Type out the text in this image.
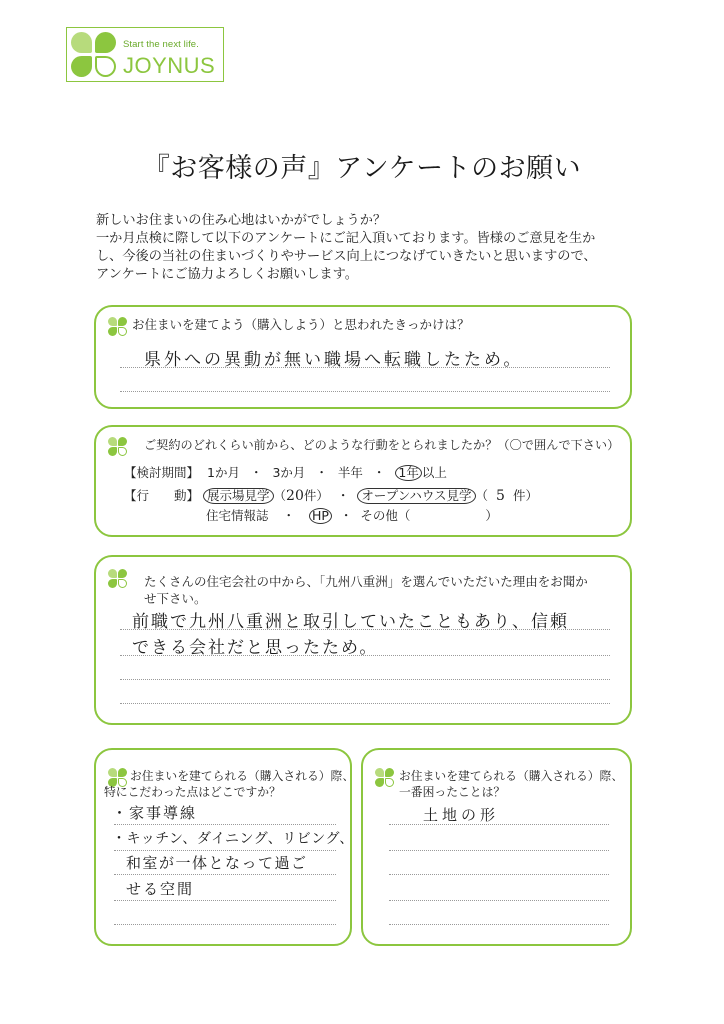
Start the next life.
JOYNUS
『お客様の声』アンケートのお願い
新しいお住まいの住み心地はいかがでしょうか？
一か月点検に際して以下のアンケートにご記入頂いております。皆様のご意見を生か
し、今後の当社の住まいづくりやサービス向上につなげていきたいと思いますので、
アンケートにご協力よろしくお願いします。
お住まいを建てよう（購入しよう）と思われたきっかけは？
県外への異動が無い職場へ転職したため。
ご契約のどれくらい前から、どのような行動をとられましたか？（〇で囲んで下さい）
【検討期間】 1か月 ・ 3か月 ・ 半年 ・ 1年 以上
【行　　動】 展示場見学 （20件） ・ オープンハウス見学 （ 5 件）
住宅情報誌 ・ HP ・ その他（　　　　　　）
たくさんの住宅会社の中から、「九州八重洲」を選んでいただいた理由をお聞か
せ下さい。
前職で九州八重洲と取引していたこともあり、信頼
できる会社だと思ったため。
お住まいを建てられる（購入される）際、
特にこだわった点はどこですか？
・家事導線
・キッチン、ダイニング、リビング、
和室が一体となって過ご
せる空間
お住まいを建てられる（購入される）際、
一番困ったことは？
土地の形
